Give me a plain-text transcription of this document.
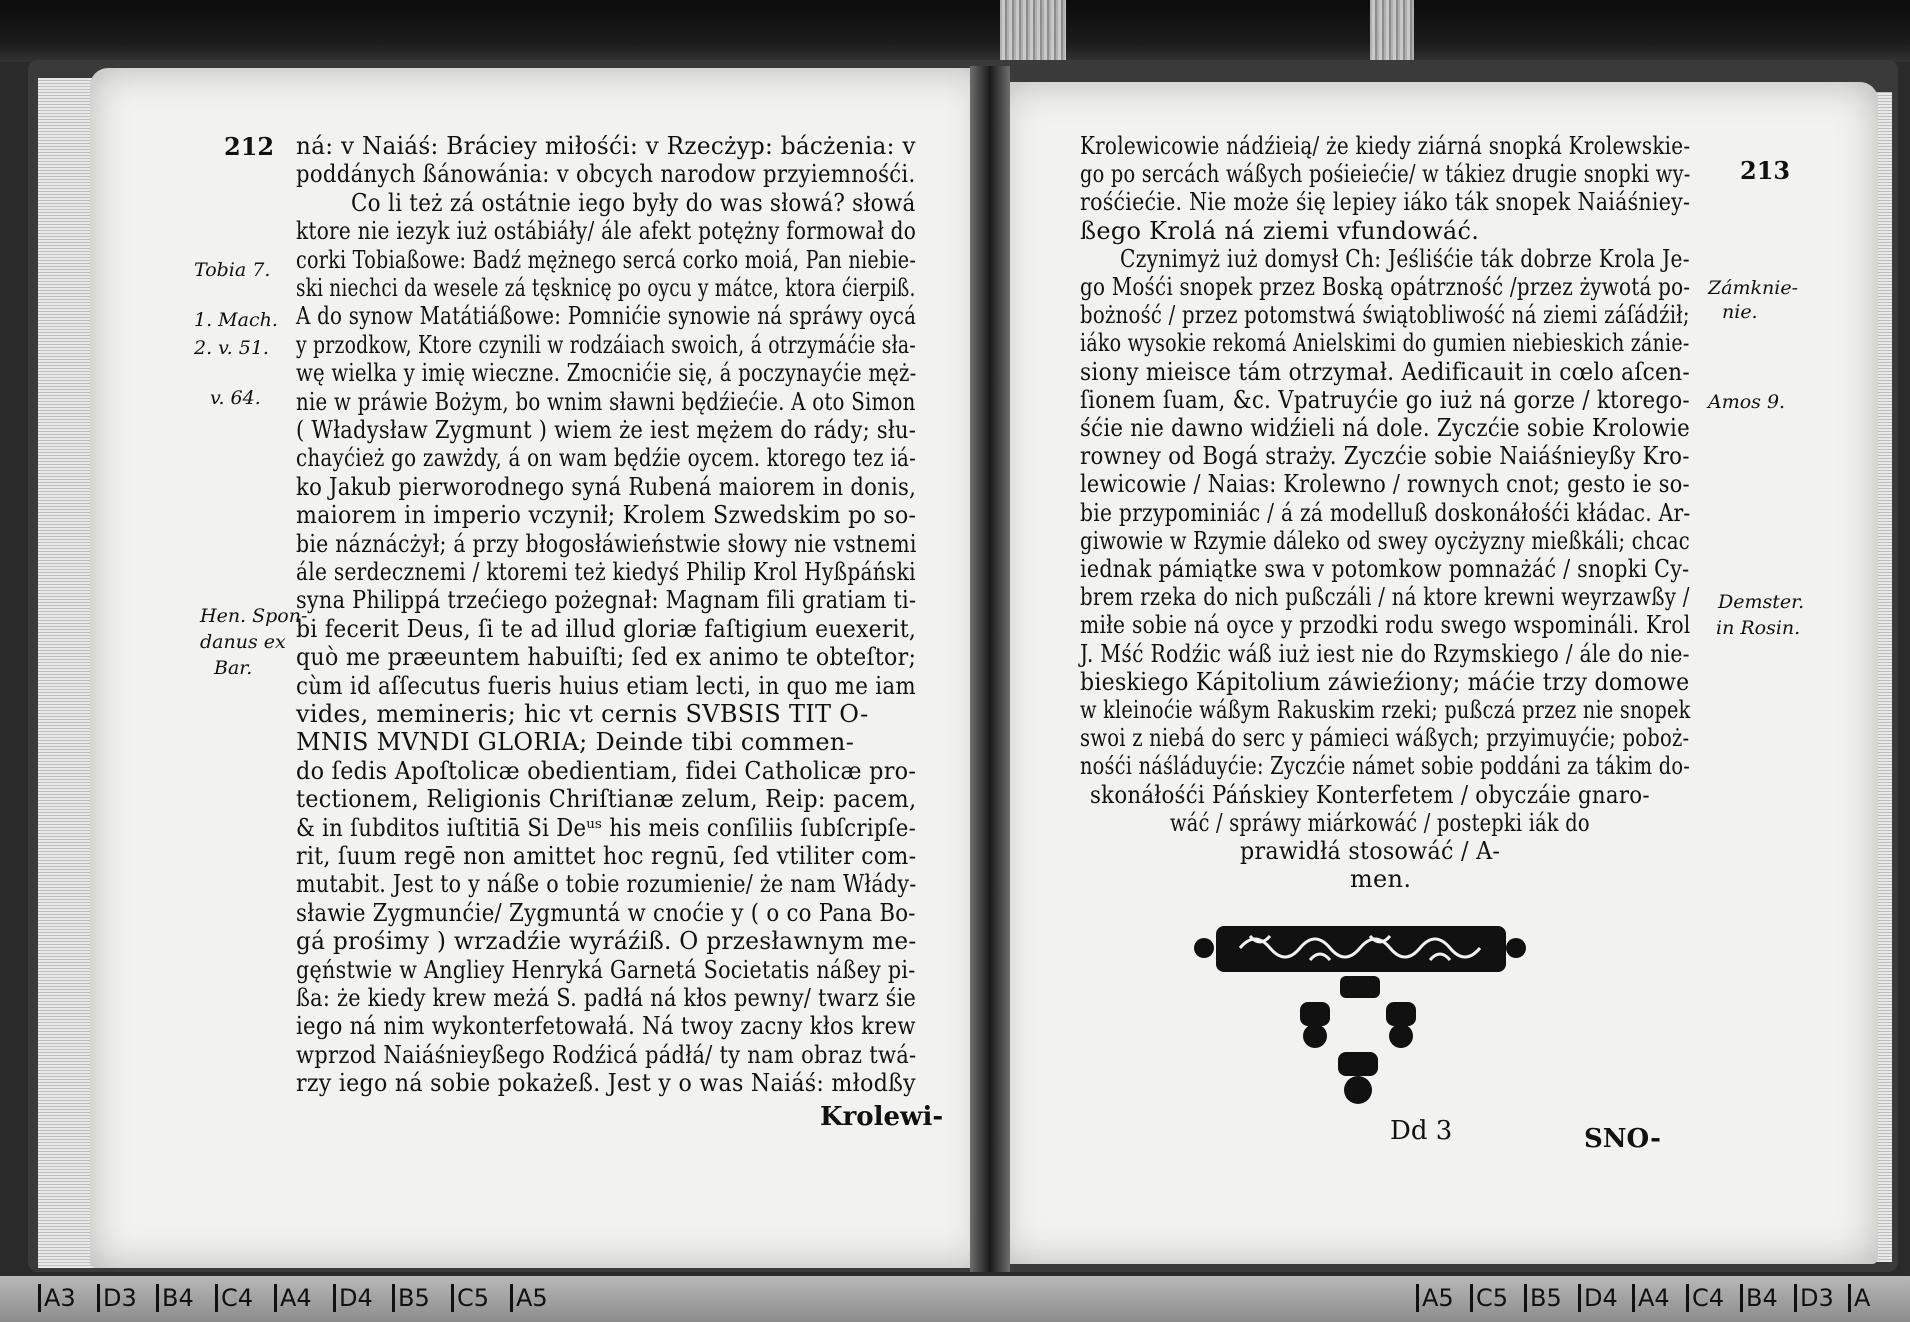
212 ná: v Naiáś: Bráciey miłośći: v Rzecżyp: bácżenia: v
poddánych ßánowánia: v obcych narodow przyiemnośći.
Co li też zá ostátnie iego były do was słowá? słowá
ktore nie iezyk iuż ostábiáły/ ále afekt potężny formował do
corki Tobiaßowe: Badź mężnego sercá corko moiá, Pan niebie-
ski niechci da wesele zá tęsknicę po oycu y mátce, ktora ćierpiß.
A do synow Matátiáßowe: Pomnićie synowie ná spráwy oycá
y przodkow, Ktore czynili w rodzáiach swoich, á otrzymáćie sła-
wę wielka y imię wieczne. Zmocnićie się, á poczynayćie męż-
nie w práwie Bożym, bo wnim sławni będźiećie. A oto Simon
( Władysław Zygmunt ) wiem że iest mężem do rády; słu-
chayćież go zawżdy, á on wam będźie oycem. ktorego tez iá-
ko Jakub pierworodnego syná Rubená maiorem in donis,
maiorem in imperio vczynił; Krolem Szwedskim po so-
bie náznácżył; á przy błogosłáwieństwie słowy nie vstnemi
ále serdecznemi / ktoremi też kiedyś Philip Krol Hyßpáński
syna Philippá trzećiego pożegnał: Magnam fili gratiam ti-
bi fecerit Deus, ſi te ad illud gloriæ faſtigium euexerit,
quò me præeuntem habuiſti; ſed ex animo te obteſtor;
cùm id aſſecutus fueris huius etiam lecti, in quo me iam
vides, memineris; hic vt cernis SVBSIS TIT O-
MNIS MVNDI GLORIA; Deinde tibi commen-
do ſedis Apoſtolicæ obedientiam, fidei Catholicæ pro-
tectionem, Religionis Chriſtianæ zelum, Reip: pacem,
& in ſubditos iuſtitiā Si Deᵘˢ his meis conſiliis ſubſcripſe-
rit, ſuum regē non amittet hoc regnū, ſed vtiliter com-
mutabit. Jest to y náße o tobie rozumienie/ że nam Włády-
sławie Zygmunćie/ Zygmuntá w cnoćie y ( o co Pana Bo-
gá prośimy ) wrzadźie wyráźiß. O przesławnym me-
gęństwie w Angliey Henryká Garnetá Societatis náßey pi-
ßa: że kiedy krew meżá S. padłá ná kłos pewny/ twarz śie
iego ná nim wykonterfetowałá. Ná twoy zacny kłos krew
wprzod Naiáśnieyßego Rodźicá pádłá/ ty nam obraz twá-
rzy iego ná sobie pokażeß. Jest y o was Naiáś: młodßy
Krolewi-
Tobia 7.
1. Mach.
2. v. 51.
v. 64.
Hen. Spon-
danus ex
Bar.
213
Krolewicowie nádźieią/ że kiedy ziárná snopká Krolewskie-
go po sercách wáßych pośieiećie/ w tákiez drugie snopki wy-
rośćiećie. Nie może śię lepiey iáko ták snopek Naiáśniey-
ßego Krolá ná ziemi vfundowáć.
Czynimyż iuż domysł Ch: Jeśliśćie ták dobrze Krola Je-
go Mośći snopek przez Boską opátrzność /przez żywotá po-
bożność / przez potomstwá świątobliwość ná ziemi záſádźił;
iáko wysokie rekomá Anielskimi do gumien niebieskich zánie-
siony mieisce tám otrzymał. Aedificauit in cœlo aſcen-
ſionem ſuam, &c. Vpatruyćie go iuż ná gorze / ktorego-
śćie nie dawno widźieli ná dole. Zyczćie sobie Krolowie
rowney od Bogá straży. Zyczćie sobie Naiáśnieyßy Kro-
lewicowie / Naias: Krolewno / rownych cnot; gesto ie so-
bie przypominiác / á zá modelluß doskonáłośći kłádac. Ar-
giwowie w Rzymie dáleko od swey oycżyzny mießkáli; chcac
iednak pámiątke swa v potomkow pomnażáć / snopki Cy-
brem rzeka do nich pußczáli / ná ktore krewni weyrzawßy /
miłe sobie ná oyce y przodki rodu swego wspomináli. Krol
J. Mść Rodźic wáß iuż iest nie do Rzymskiego / ále do nie-
bieskiego Kápitolium záwieźiony; máćie trzy domowe
w kleinoćie wáßym Rakuskim rzeki; pußczá przez nie snopek
swoi z niebá do serc y pámieci wáßych; przyimuyćie; poboż-
nośći náśláduyćie: Zyczćie námet sobie poddáni za tákim do-
skonáłośći Páńskiey Konterfetem / obyczáie gnaro-
wáć / spráwy miárkowáć / postepki iák do
prawidłá stosowáć / A-
men.
Zámknie-
nie.
Amos 9.
Demster.
in Rosin.
Dd 3	SNO-
A3 D3 B4 C4 A4 D4 B5 C5 A5	A5 C5 B5 D4 A4 C4 B4 D3 A
